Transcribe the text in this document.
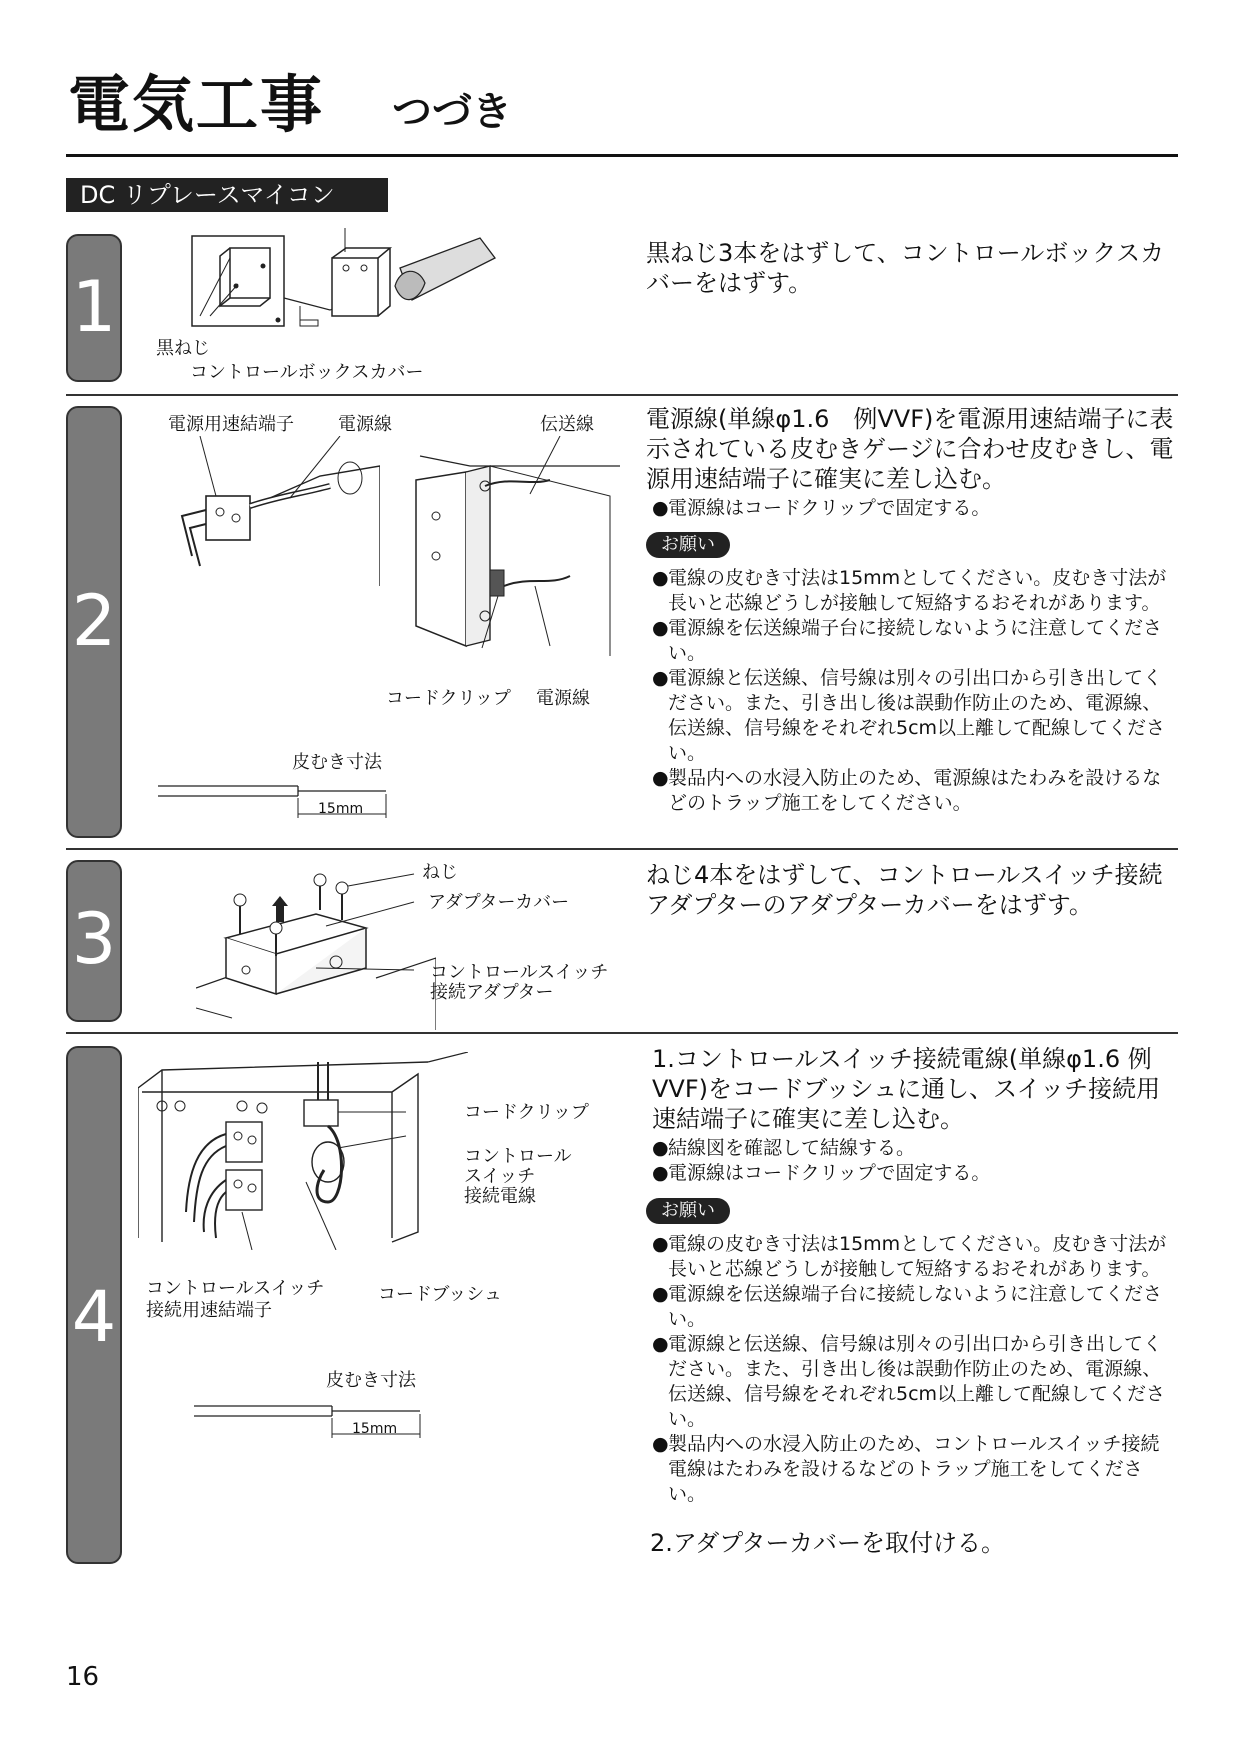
電気工事 つづき
DC リプレースマイコン
1
黒ねじ
コントロールボックスカバー
黒ねじ3本をはずして、コントロールボックスカバーをはずす。
2
電源用速結端子 電源線	伝送線
コードクリップ 電源線
皮むき寸法
15mm
電源線(単線φ1.6　例VVF)を電源用速結端子に表示されている皮むきゲージに合わせ皮むきし、電源用速結端子に確実に差し込む。
● 電源線はコードクリップで固定する。
お願い
● 電線の皮むき寸法は15mmとしてください。皮むき寸法が長いと芯線どうしが接触して短絡するおそれがあります。
● 電源線を伝送線端子台に接続しないように注意してください。
● 電源線と伝送線、信号線は別々の引出口から引き出してください。また、引き出し後は誤動作防止のため、電源線、伝送線、信号線をそれぞれ5cm以上離して配線してください。
● 製品内への水浸入防止のため、電源線はたわみを設けるなどのトラップ施工をしてください。
3
ねじ
アダプターカバー
コントロールスイッチ
接続アダプター
ねじ4本をはずして、コントロールスイッチ接続アダプターのアダプターカバーをはずす。
4
コードクリップ
コントロール
スイッチ
接続電線
コントロールスイッチ
接続用速結端子
コードブッシュ
皮むき寸法
15mm
1.コントロールスイッチ接続電線(単線φ1.6 例VVF)をコードブッシュに通し、スイッチ接続用速結端子に確実に差し込む。
● 結線図を確認して結線する。
● 電源線はコードクリップで固定する。
お願い
● 電線の皮むき寸法は15mmとしてください。皮むき寸法が長いと芯線どうしが接触して短絡するおそれがあります。
● 電源線を伝送線端子台に接続しないように注意してください。
● 電源線と伝送線、信号線は別々の引出口から引き出してください。また、引き出し後は誤動作防止のため、電源線、伝送線、信号線をそれぞれ5cm以上離して配線してください。
● 製品内への水浸入防止のため、コントロールスイッチ接続電線はたわみを設けるなどのトラップ施工をしてください。
2.アダプターカバーを取付ける。
16
